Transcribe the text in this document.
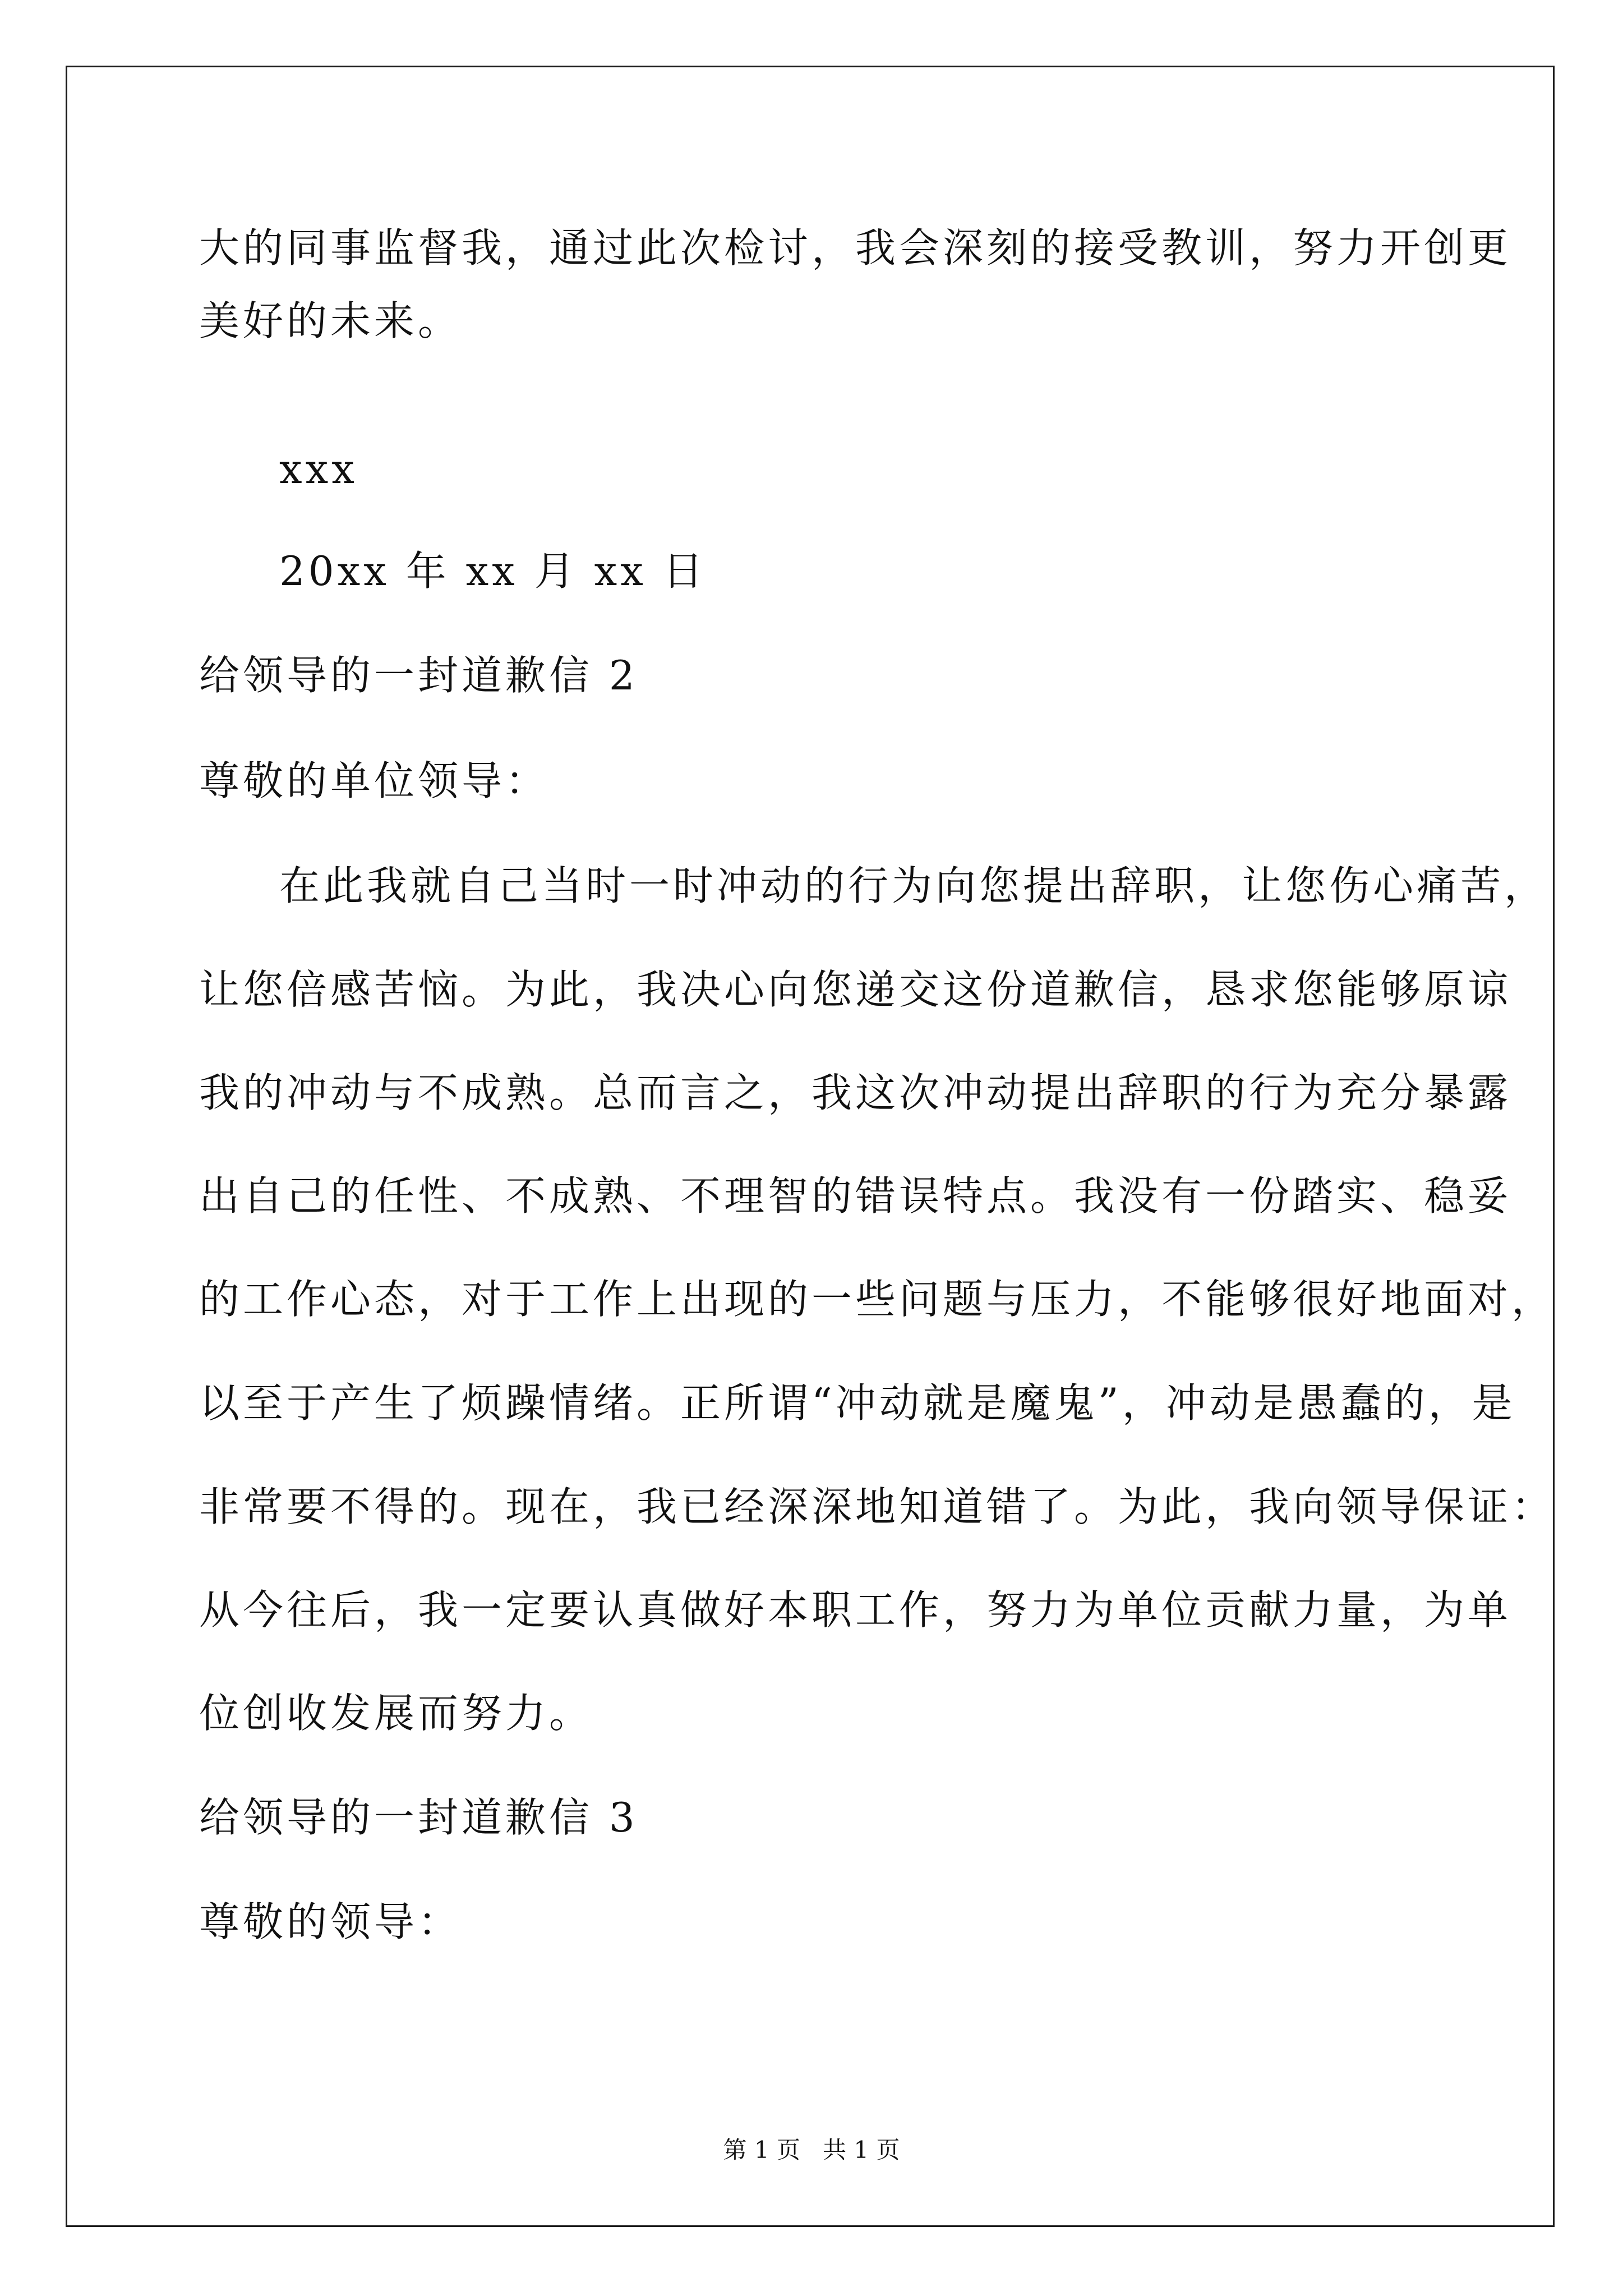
大的同事监督我，通过此次检讨，我会深刻的接受教训，努力开创更
美好的未来。
xxx
20xx 年 xx 月 xx 日
给领导的一封道歉信 2
尊敬的单位领导：
在此我就自己当时一时冲动的行为向您提出辞职，让您伤心痛苦，
让您倍感苦恼。为此，我决心向您递交这份道歉信，恳求您能够原谅
我的冲动与不成熟。总而言之，我这次冲动提出辞职的行为充分暴露
出自己的任性、不成熟、不理智的错误特点。我没有一份踏实、稳妥
的工作心态，对于工作上出现的一些问题与压力，不能够很好地面对，
以至于产生了烦躁情绪。正所谓“冲动就是魔鬼”，冲动是愚蠢的，是
非常要不得的。现在，我已经深深地知道错了。为此，我向领导保证：
从今往后，我一定要认真做好本职工作，努力为单位贡献力量，为单
位创收发展而努力。
给领导的一封道歉信 3
尊敬的领导：
第 1 页   共 1 页
